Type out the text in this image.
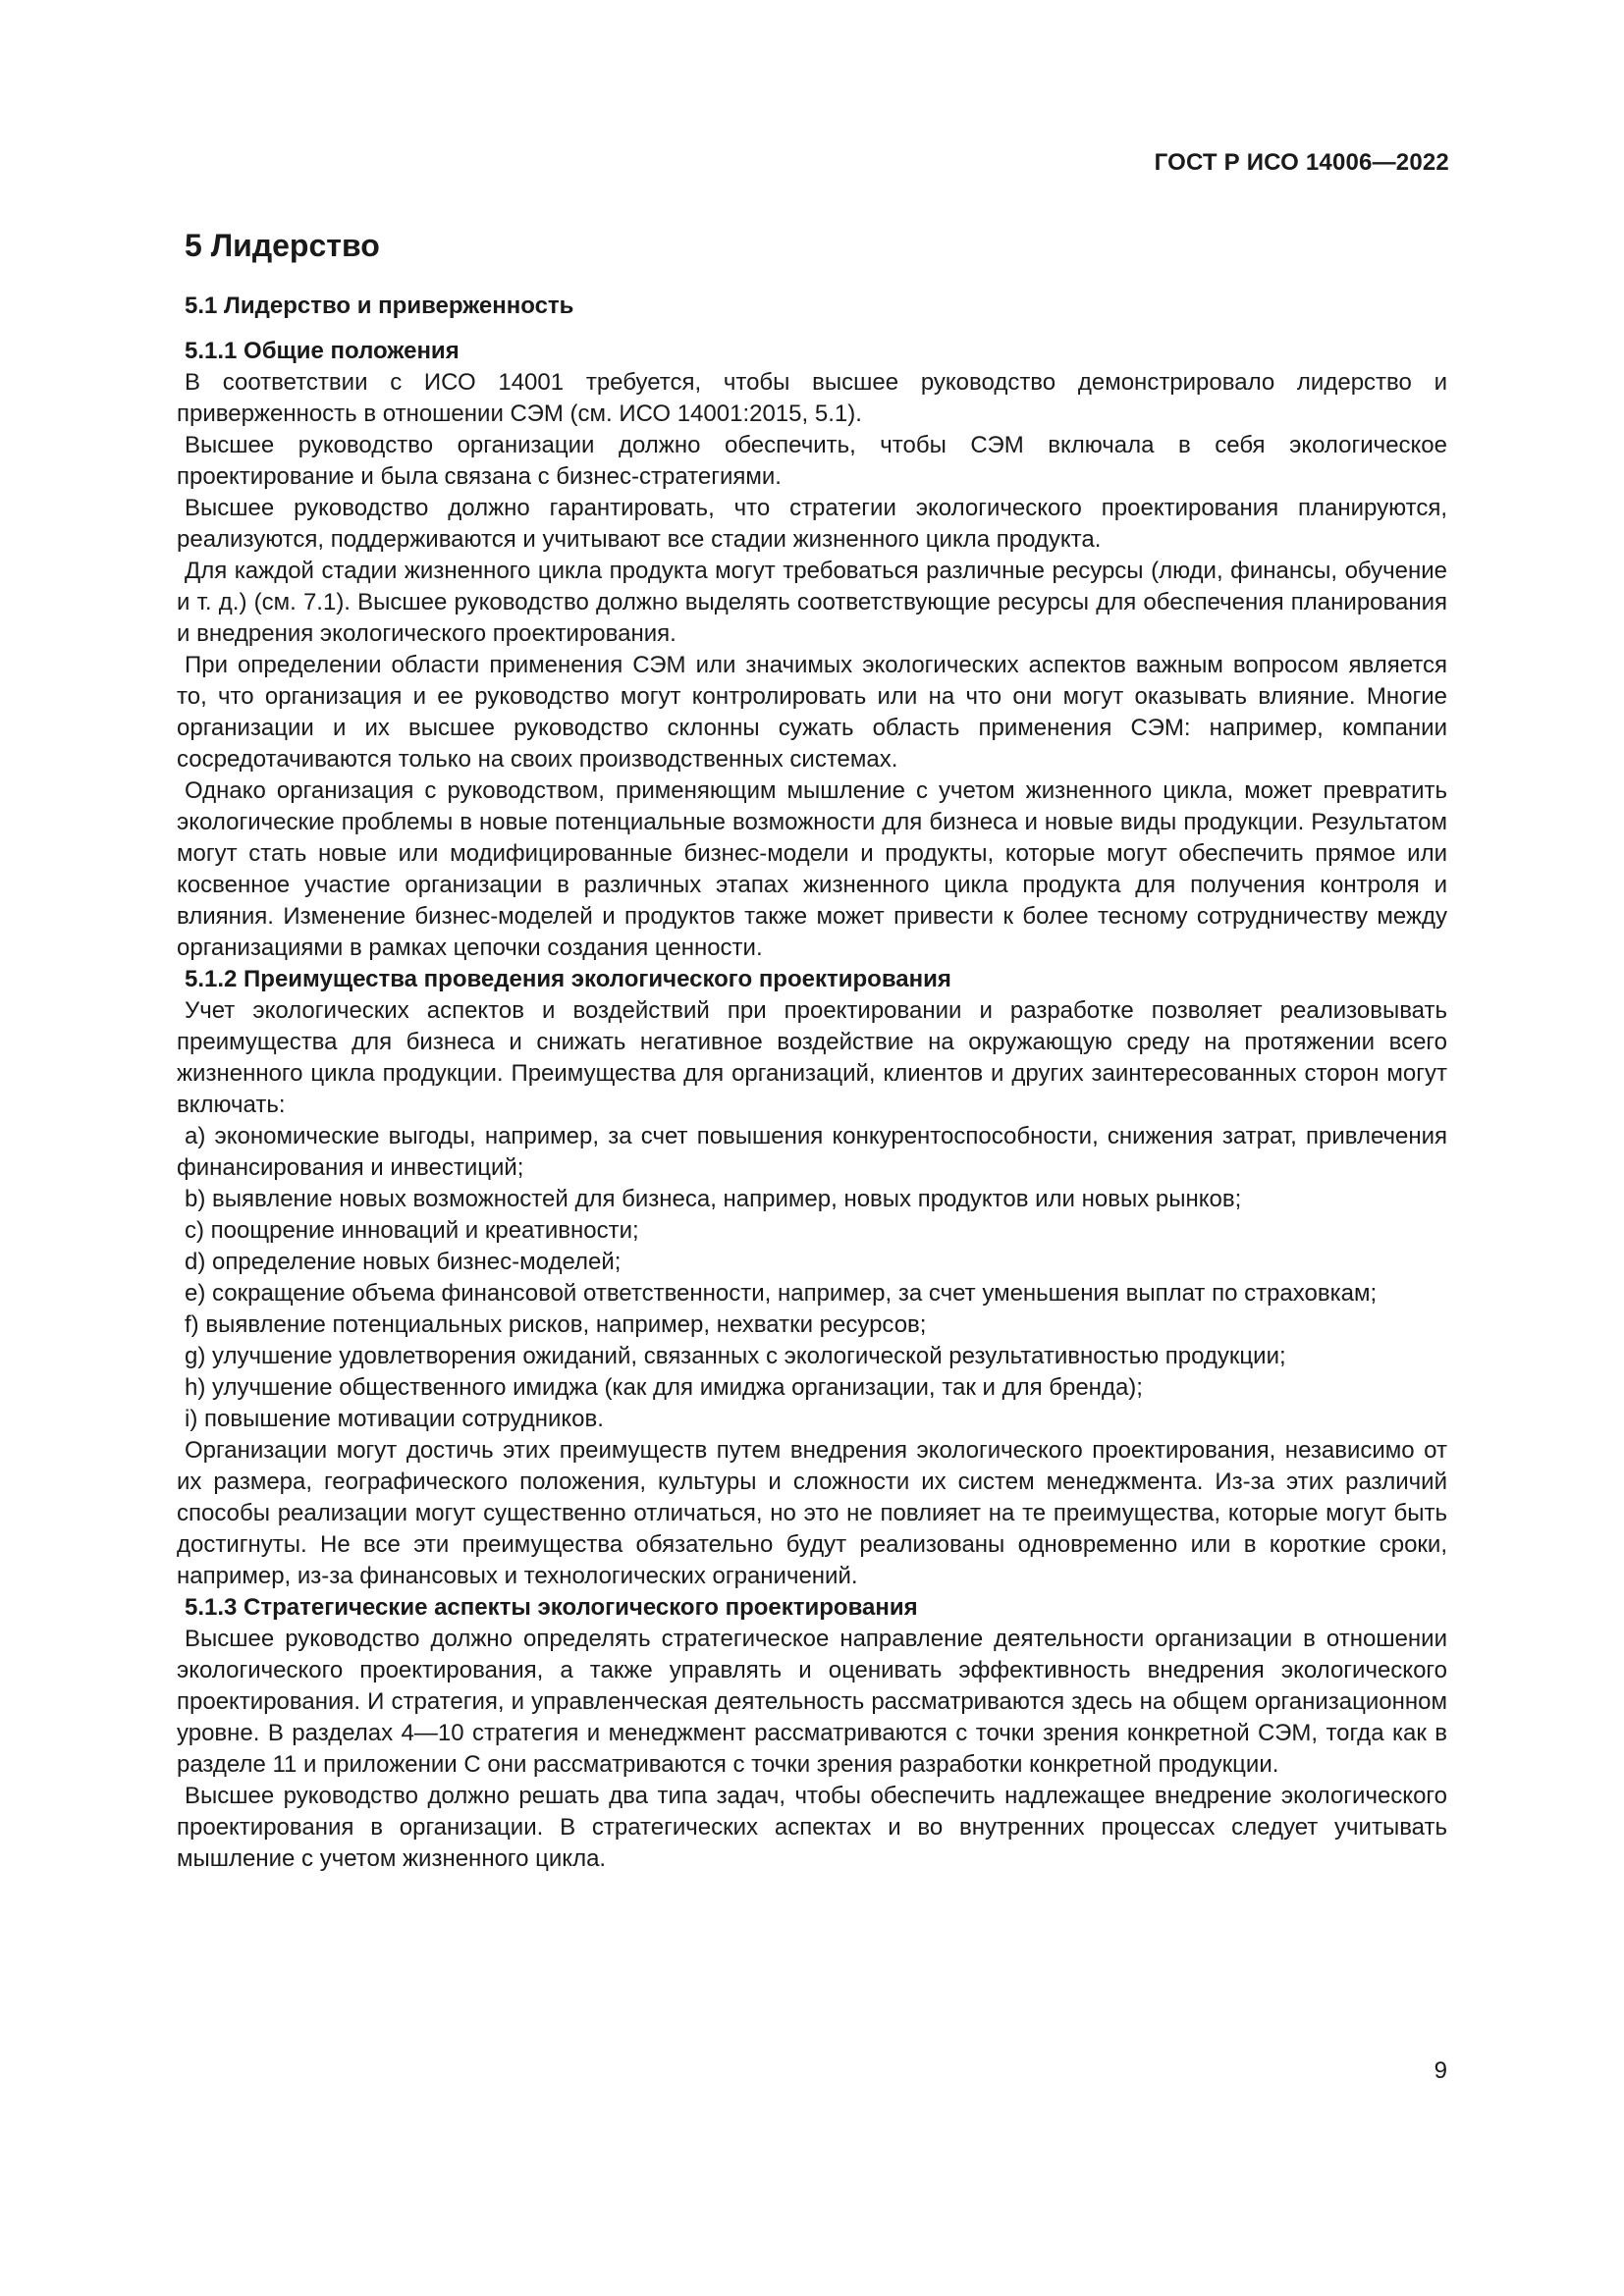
ГОСТ Р ИСО 14006—2022
5 Лидерство
5.1 Лидерство и приверженность
5.1.1 Общие положения

В соответствии с ИСО 14001 требуется, чтобы высшее руководство демонстрировало лидерство и приверженность в отношении СЭМ (см. ИСО 14001:2015, 5.1).

Высшее руководство организации должно обеспечить, чтобы СЭМ включала в себя экологическое проектирование и была связана с бизнес-стратегиями.

Высшее руководство должно гарантировать, что стратегии экологического проектирования планируются, реализуются, поддерживаются и учитывают все стадии жизненного цикла продукта.

Для каждой стадии жизненного цикла продукта могут требоваться различные ресурсы (люди, финансы, обучение и т. д.) (см. 7.1). Высшее руководство должно выделять соответствующие ресурсы для обеспечения планирования и внедрения экологического проектирования.

При определении области применения СЭМ или значимых экологических аспектов важным вопросом является то, что организация и ее руководство могут контролировать или на что они могут оказывать влияние. Многие организации и их высшее руководство склонны сужать область применения СЭМ: например, компании сосредотачиваются только на своих производственных системах.

Однако организация с руководством, применяющим мышление с учетом жизненного цикла, может превратить экологические проблемы в новые потенциальные возможности для бизнеса и новые виды продукции. Результатом могут стать новые или модифицированные бизнес-модели и продукты, которые могут обеспечить прямое или косвенное участие организации в различных этапах жизненного цикла продукта для получения контроля и влияния. Изменение бизнес-моделей и продуктов также может привести к более тесному сотрудничеству между организациями в рамках цепочки создания ценности.

5.1.2 Преимущества проведения экологического проектирования

Учет экологических аспектов и воздействий при проектировании и разработке позволяет реализовывать преимущества для бизнеса и снижать негативное воздействие на окружающую среду на протяжении всего жизненного цикла продукции. Преимущества для организаций, клиентов и других заинтересованных сторон могут включать:

a) экономические выгоды, например, за счет повышения конкурентоспособности, снижения затрат, привлечения финансирования и инвестиций;

b) выявление новых возможностей для бизнеса, например, новых продуктов или новых рынков;

c) поощрение инноваций и креативности;

d) определение новых бизнес-моделей;

e) сокращение объема финансовой ответственности, например, за счет уменьшения выплат по страховкам;

f) выявление потенциальных рисков, например, нехватки ресурсов;

g) улучшение удовлетворения ожиданий, связанных с экологической результативностью продукции;

h) улучшение общественного имиджа (как для имиджа организации, так и для бренда);

i) повышение мотивации сотрудников.

Организации могут достичь этих преимуществ путем внедрения экологического проектирования, независимо от их размера, географического положения, культуры и сложности их систем менеджмента. Из-за этих различий способы реализации могут существенно отличаться, но это не повлияет на те преимущества, которые могут быть достигнуты. Не все эти преимущества обязательно будут реализованы одновременно или в короткие сроки, например, из-за финансовых и технологических ограничений.

5.1.3 Стратегические аспекты экологического проектирования

Высшее руководство должно определять стратегическое направление деятельности организации в отношении экологического проектирования, а также управлять и оценивать эффективность внедрения экологического проектирования. И стратегия, и управленческая деятельность рассматриваются здесь на общем организационном уровне. В разделах 4—10 стратегия и менеджмент рассматриваются с точки зрения конкретной СЭМ, тогда как в разделе 11 и приложении С они рассматриваются с точки зрения разработки конкретной продукции.

Высшее руководство должно решать два типа задач, чтобы обеспечить надлежащее внедрение экологического проектирования в организации. В стратегических аспектах и во внутренних процессах следует учитывать мышление с учетом жизненного цикла.

9
